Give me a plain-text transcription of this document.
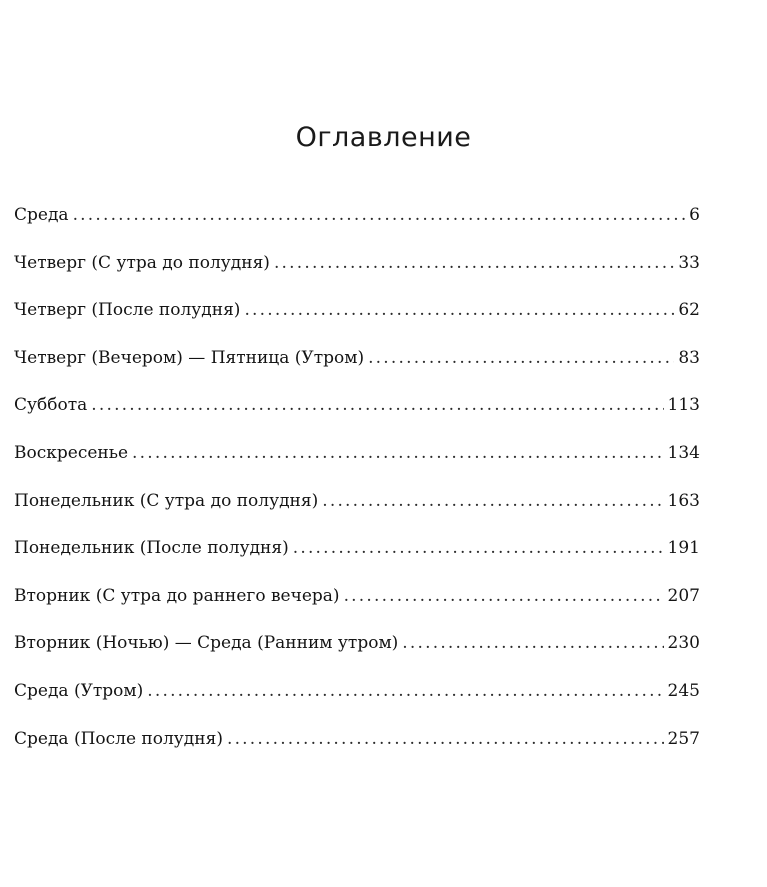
Оглавление
Среда .....	6
Четверг (С утра до полудня) .....	33
Четверг (После полудня) .....	62
Четверг (Вечером) — Пятница (Утром) .....	83
Суббота .....	113
Воскресенье .....	134
Понедельник (С утра до полудня) .....	163
Понедельник (После полудня) .....	191
Вторник (С утра до раннего вечера) .....	207
Вторник (Ночью) — Среда (Ранним утром) .....	230
Среда (Утром) .....	245
Среда (После полудня) .....	257
